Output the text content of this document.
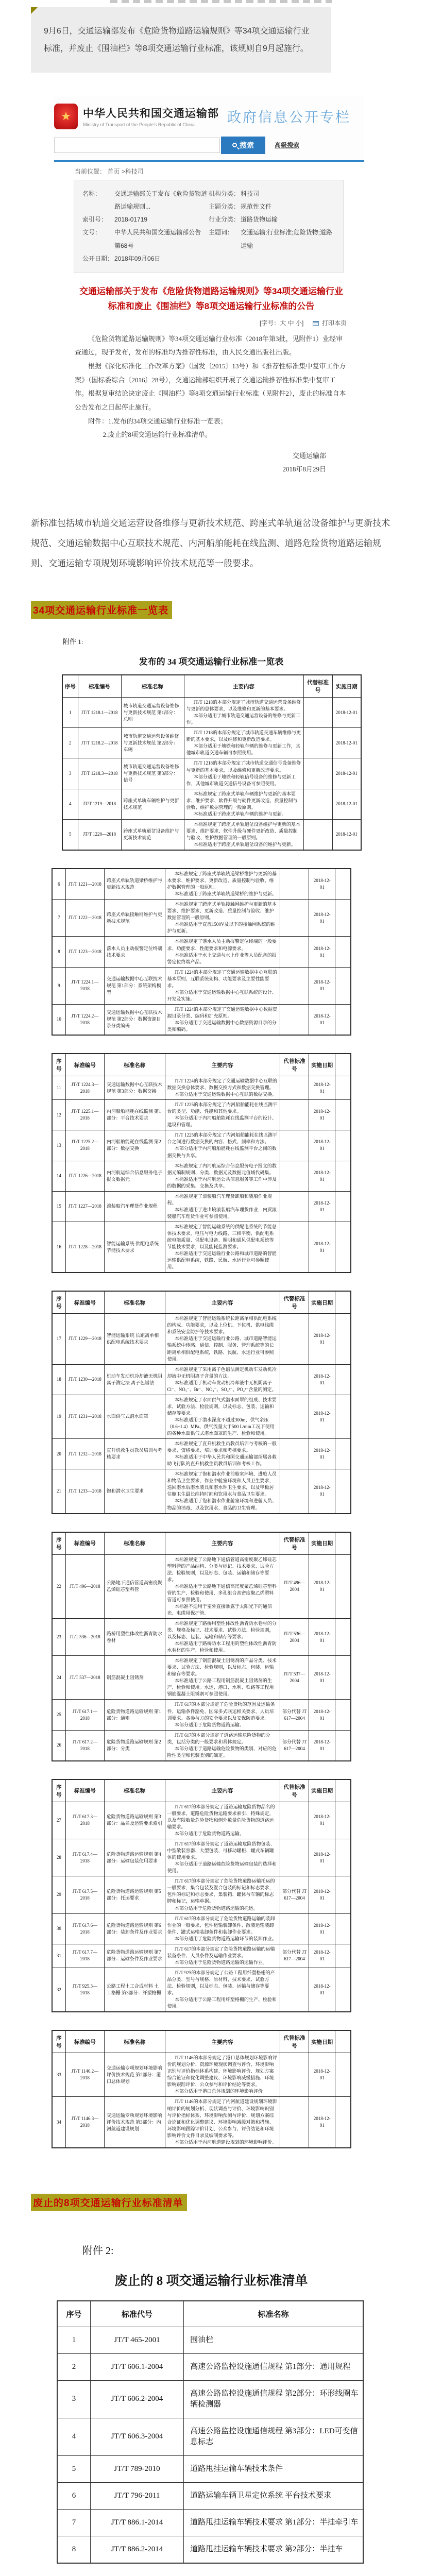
9月6日，交通运输部发布《危险货物道路运输规则》等34项交通运输行业标准，并废止《围油栏》等8项交通运输行业标准，该规则自9月起施行。
★	中华人民共和国交通运输部
Ministry of Transport of the People's Republic of China	政府信息公开专栏
搜索	高级搜索
当前位置： 首页 >科技司
名称：	交通运输部关于发布《危险货物道路运输规则...
索引号：	2018-01719
文号：	中华人民共和国交通运输部公告 第68号
公开日期： 2018年09月06日
机构分类： 科技司
主题分类： 规范性文件
行业分类： 道路货物运输
主题词：	交通运输;行业标准;危险货物;道路运输
交通运输部关于发布《危险货物道路运输规则》等34项交通运输行业标准和废止《围油栏》等8项交通运输行业标准的公告
[字号：大 中 小]	打印本页

《危险货物道路运输规则》等34项交通运输行业标准（2018年第3批，见附件1）业经审查通过，现予发布，发布的标准均为推荐性标准，由人民交通出版社出版。

根据《深化标准化工作改革方案》（国发〔2015〕13号）和《推荐性标准集中复审工作方案》（国标委综合〔2016〕28号），交通运输部组织开展了交通运输推荐性标准集中复审工作。根据复审结论决定废止《围油栏》等8项交通运输行业标准（见附件2），废止的标准自本公告发布之日起停止施行。

附件：1.发布的34项交通运输行业标准一览表；

2.废止的8项交通运输行业标准清单。

交通运输部
2018年8月29日
新标准包括城市轨道交通运营设备维修与更新技术规范、跨座式单轨道岔设备维护与更新技术规范、交通运输数据中心互联技术规范、内河船舶能耗在线监测、道路危险货物道路运输规则、交通运输专项规划环境影响评价技术规范等一般要求。
34项交通运输行业标准一览表
附件 1:
发布的 34 项交通运输行业标准一览表
序号	标准编号	标准名称	主要内容	代替标准号	实施日期
1	JT/T 1218.1—2018	城市轨道交通运营设备维修与更新技术规范 第1部分：总则	JT/T 1218的本部分规定了城市轨道交通运营设备维修与更新的总体要求，以及维修和更新的基本要求。
本部分适用于城市轨道交通运营设备的维修与更新工作。		2018-12-01
2	JT/T 1218.2—2018	城市轨道交通运营设备维修与更新技术规范 第2部分：车辆	JT/T 1218的本部分规定了城市轨道交通车辆维修与更新的基本要求，以及维修和更新改造要求。
本部分适用于地铁和轻轨车辆的维修与更新工作，其他城市轨道交通车辆可参照使用。		2018-12-01
3	JT/T 1218.3—2018	城市轨道交通运营设备维修与更新技术规范 第3部分：信号	JT/T 1218的本部分规定了城市轨道交通信号设备维修与更新的基本要求，以及维修和更新改造要求。
本部分适用于地铁和轻轨信号设备的维修与更新工作，其他城市轨道交通信号设备可参照使用。		2018-12-01
4	JT/T 1219—2018	跨座式单轨车辆维护与更新技术规范	本标准规定了跨座式单轨车辆维护与更新的基本要求、维护要求、软件升级与硬件更新改造、质量控制与验收、维护数据管理的一般原则。
本标准适用于跨座式单轨车辆的维护与更新。		2018-12-01
5	JT/T 1220—2018	跨座式单轨道岔设备维护与更新技术规范	本标准规定了跨座式单轨道岔设备维护与更新的基本要求、维护要求、软件升级与硬件更新改造、质量控制与验收、维护数据管理的一般原则。
本标准适用于跨座式单轨道岔设备的维护与更新。		2018-12-01
6	JT/T 1221—2018	跨座式单轨轨道梁桥维护与更新技术规范	本标准规定了跨座式单轨轨道梁桥维护与更新的基本要求、维护要求、更新改造、质量控制与验收、维护数据管理的一般原则。
本标准适用于跨座式单轨轨道梁桥的维护与更新。		2018-12-01	
7	JT/T 1222—2018	跨座式单轨接触网维护与更新技术规范	本标准规定了跨座式单轨接触网维护与更新的基本要求、维护要求、更新改造、质量控制与验收、维护数据管理的一般原则。
本标准适用于直流1500V及以下的接触网系统的维护与更新。		2018-12-01	
8	JT/T 1223—2018	落水人员主动报警定位终端技术要求	本标准规定了落水人员主动报警定位终端的一般要求、功能要求、性能要求和电源要求。
本标准适用于水上交通与水上作业等人员配备的报警定位终端产品。		2018-12-01	
9	JT/T 1224.1—2018	交通运输数据中心互联技术规范 第1部分：系统架构模型	JT/T 1224的本部分规定了交通运输数据中心互联的基本原则、互联系统架构、功能要求及主要性能要求。
本部分适用于交通运输数据中心互联系统的设计、开发及实施。		2018-12-01	
10	JT/T 1224.2—2018	交通运输数据中心互联技术规范 第2部分：数据资源目录分类编码	JT/T 1224的本部分规定了交通运输数据中心数据资源目录分类、编码和扩充原则。
本部分适用于交通运输数据中心数据资源目录的分类和编码。		2018-12-01	
序号	标准编号	标准名称	主要内容	代替标准号	实施日期	
11	JT/T 1224.3—2018	交通运输数据中心互联技术规范 第3部分：数据交换	JT/T 1224的本部分规定了交通运输数据中心互联的数据交换总体要求、数据交换方式和数据交换管理。
本部分适用于交通运输数据中心互联的数据交换。		2018-12-01	
12	JT/T 1225.1—2018	内河船舶能耗在线监测 第1部分：平台技术要求	JT/T 1225的本部分规定了内河船舶能耗在线监测平台的类型、功能、性能和其他要求。
本部分适用于内河船舶能耗在线监测平台的设计、建设和管理。		2018-12-01	
13	JT/T 1225.2—2018	内河船舶能耗在线监测 第2部分：数据交换	JT/T 1225的本部分规定了内河船舶能耗在线监测平台之间进行数据交换的内容、格式、频率和方法。
本部分适用于内河船舶能耗在线监测平台之间的数据交换与共享。		2018-12-01	
14	JT/T 1226—2018	内河航运综合信息服务电子报文数据元	本标准规定了内河航运综合信息服务电子报文的数据元编制规则、分类、数据元及数据元值域代码集。
本标准适用于内河航运公共信息服务等工作中涉及的数据的采集、交换及共享。		2018-12-01	
15	JT/T 1227—2018	滚装船汽车理货作业规程	本标准规定了滚装船汽车理货卸船和装船作业规程。
本标准适用于进出境滚装船汽车理货作业，内贸滚装船汽车理货作业可参照使用。		2018-12-01	
16	JT/T 1228—2018	智能运输系统 供配电系统节能技术要求	本标准规定了智能运输系统的供配电系统的节能总体技术要求，电压与电力线路、三相平衡、供配电系统电能质量、供配电设备、照明和通风供配电系统等节能技术要求，以及能耗监测要求。
本标准适用于交通运输行业公路和城市道路的智能运输供配电系统，铁路、民航、水运行业可参照使用。		2018-12-01	
序号	标准编号	标准名称	主要内容	代替标准号	实施日期	
17	JT/T 1229—2018	智能运输系统 长距离单相供配电系统技术要求	本标准规定了智能运输系统长距离单相供配电系统的构成、功能要求，以及上位机、下位机、供电线缆和系统安全防护等技术要求。
本标准适用于交通运输行业公路、城市道路智能运输系统中传感、通信、控制、服务、管理系统等的长距离单相供配电系统，铁路、民航、水运行业可参照使用。		2018-12-01	
18	JT/T 1230—2018	机动车发动机冷却液无机阴离子测定法 离子色谱法	本标准规定了采用离子色谱法测定机动车发动机冷却液中无机阴离子含量的方法。
本标准适用于机动车发动机冷却液中无机阴离子Cl⁻、NO₂⁻、Br⁻、NO₃⁻、SO₄²⁻、PO₄³⁻含量的测定。		2018-12-01	
19	JT/T 1231—2018	水面供气式潜水面罩	本标准规定了水面供气式潜水面罩的组成、技术要求、试验方法、检验规则，以及标志、包装、运输和储存等要求。
本标准适用于潜水深度不超过300m、供气余压（0.6~1.4）MPa、供气流量大于500 L/min工况下使用的各种水面供气式潜水面罩的生产、检验和使用。		2018-12-01	
20	JT/T 1232—2018	直升机救生员教员培训与考核要求	本标准规定了直升机救生员教员培训与考核的一般要求、资格要求、培训要求和考核要求。
本标准适用于中华人民共和国交通运输部所属各救助飞行队的直升机救生员教员培训和考核工作。		2018-12-01	
21	JT/T 1233—2018	饱和潜水卫生要求	本标准规定了饱和潜水作业前舱室环境、进舱人员和物品卫生要求，作业中舱室环境和人员卫生要求，巡回潜水后潜水装具和潜水钟卫生要求，以及甲板居住舱卫生最长维持时间和饮用水与食品卫生要求。
本标准适用于饱和潜水作业舱室环境和进舱人员、物品的消毒，以及饮用水、食品的卫生管理。		2018-12-01	
序号	标准编号	标准名称	主要内容	代替标准号	实施日期	
22	JT/T 496—2018	公路地下通信管道高密度聚乙烯硅芯塑料管	本标准规定了公路地下通信管道高密度聚乙烯硅芯塑料管的产品结构、分类与标记、技术要求、试验方法、检验规则，以及标志、包装、运输和储存等要求。
本标准适用于公路地下通信高密度聚乙烯硅芯塑料管的生产、检验和使用，多孔组合高密度聚乙烯塑料管道可参照使用。
本标准不适用于室外直接暴露于太阳光下的通信光、电缆用保护管。	JT/T 496—2004	2018-12-01	
23	JT/T 536—2018	路桥用塑性体改性沥青防水卷材	本标准规定了路桥用塑性体改性沥青防水卷材的分类、规格及标记、技术要求、试验方法、检验规则，以及标志、包装、运输和储存等要求。
本标准适用于路桥防水工程用的塑性体改性沥青防水卷材的生产、检验和使用。	JT/T 536—2004	2018-12-01	
24	JT/T 537—2018	钢筋混凝土阻锈剂	本标准规定了钢筋混凝土阻锈剂的产品分类、技术要求、试验方法、检验规则，以及标志、包装、运输和储存等要求。
本标准适用于公路工程用钢筋混凝土阻锈剂的生产、检验和使用。水运、港口、水利、铁路等工程用钢筋混凝土阻锈剂可参照使用。	JT/T 537—2004	2018-12-01	
25	JT/T 617.1—2018	危险货物道路运输规则 第1部分：通则	JT/T 617的本部分规定了危险货物的范围及运输条件、运输条件豁免、国际多式联运相关要求、人员培训要求、各参与方的安全要求以及安保防范要求。
本部分适用于危险货物道路运输。	部分代替 JT 617—2004	2018-12-01	
26	JT/T 617.2—2018	危险货物道路运输规则 第2部分：分类	JT/T 617的本部分规定了道路运输危险货物的分类，包括分类的一般要求和具体规定。
本部分适用于道路运输危险货物的类别、对应的危险性类型和包装类别的确定。	部分代替 JT 617—2004	2018-12-01	
序号	标准编号	标准名称	主要内容	代替标准号	实施日期	
27	JT/T 617.3—2018	危险货物道路运输规则 第3部分：品名及运输要求索引	JT/T 617的本部分规定了道路运输危险货物品名的一般要求、道路危险货物运输要求索引、特殊规定，以及有限数量危险货物和例外数量危险货物的道路运输要求。
本部分适用于危险货物道路运输。		2018-12-01	
28	JT/T 617.4—2018	危险货物道路运输规则 第4部分：运输包装使用要求	JT/T 617的本部分规定了道路运输危险货物包装、中型散装容器、大型包装、可移动罐柜、罐式车辆罐体的使用要求。
本部分适用于道路运输危险货物运输包装的选择和使用。		2018-12-01	
29	JT/T 617.5—2018	危险货物道路运输规则 第5部分：托运要求	JT/T 617的本部分规定了危险货物道路运输托运的一般要求，集合包装及混合包装的标记和标志要求，包件的标记和标志要求，集装箱、罐体与车辆的标志牌和标记，运输单据。
本部分适用于危险货物道路运输的托运。	部分代替 JT 617—2004	2018-12-01	
30	JT/T 617.6—2018	危险货物道路运输规则 第6部分：装卸条件及作业要求	JT/T 617的本部分规定了危险货物道路运输的装卸作业的一般要求、包件运输装卸条件、散装运输装卸条件、罐式运输装卸条件和装卸作业要求。
本部分适用于危险货物道路运输环节的装卸作业。		2018-12-01	
31	JT/T 617.7—2018	危险货物道路运输规则 第7部分：运输条件及作业要求	JT/T 617的本部分规定了危险货物道路运输的运输装备条件、人员条件及运输作业要求。
本部分适用于危险货物道路运输的运输作业。	部分代替 JT 617—2004	2018-12-01	
32	JT/T 925.3—2018	公路工程土工合成材料 土工格栅 第3部分：纤塑格栅	JT/T 925的本部分规定了公路工程用纤塑格栅的产品分类、型号与规格、原材料、技术要求、试验方法、检验规则，以及标志、包装、运输与储存等要求。
本部分适用于公路工程用纤塑格栅的生产、检验和使用。		2018-12-01	
序号	标准编号	标准名称	主要内容	代替标准号	实施日期	
33	JT/T 1146.2—2018	交通运输专项规划环境影响评价技术规范 第2部分：港口总体规划	JT/T 1146的本部分规定了港口总体规划环境影响评价的规划分析、资源环境现状调查与评价、环境影响识别与评价指标体系构建、环境影响评价、规划方案综合论证和优化调整建议、环境影响减缓措施、环境影响跟踪评价、公众参与和评价结论等要求。
本部分适用于港口总体规划的环境影响评价。		2018-12-01	
34	JT/T 1146.3—2018	交通运输专项规划环境影响评价技术规范 第3部分：内河航道建设规划	JT/T 1146的本部分规定了内河航道建设规划环境影响评价的规划分析、现状调查与评价、环境影响识别与评价指标体系、环境影响预测与评价、规划方案综合论证和优化调整建议、环境影响减缓对策和措施、环境影响跟踪评价计划、公众参与、评价结论和环境影响评价文件目录及编制要求等。
本部分适用于内河航道建设规划的环境影响评价。		2018-12-01	
废止的8项交通运输行业标准清单
附件 2:
废止的 8 项交通运输行业标准清单
序号	标准代号	标准名称
1	JT/T 465-2001	围油栏
2	JT/T 606.1-2004	高速公路监控设施通信规程 第1部分：通用规程
3	JT/T 606.2-2004	高速公路监控设施通信规程 第2部分：环形线圈车辆检测器
4	JT/T 606.3-2004	高速公路监控设施通信规程 第3部分：LED可变信息标志
5	JT/T 789-2010	道路甩挂运输车辆技术条件
6	JT/T 796-2011	道路运输车辆卫星定位系统 平台技术要求
7	JT/T 886.1-2014	道路甩挂运输车辆技术要求 第1部分：半挂牵引车
8	JT/T 886.2-2014	道路甩挂运输车辆技术要求 第2部分：半挂车
